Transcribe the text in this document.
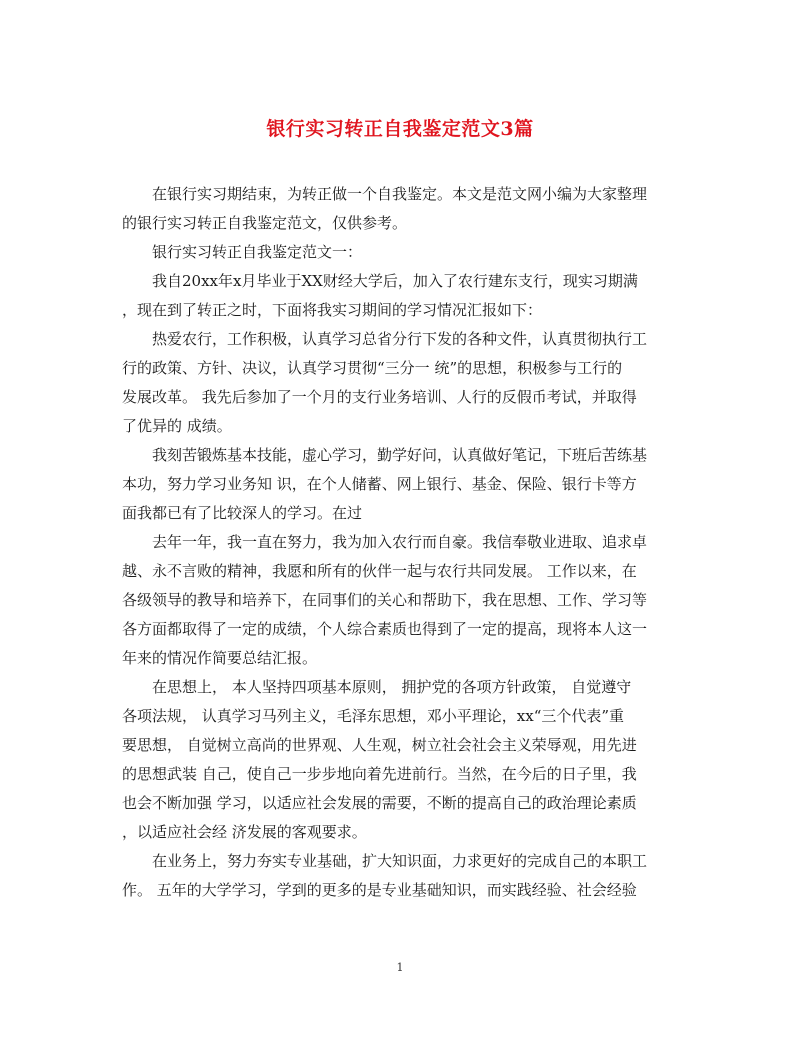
银行实习转正自我鉴定范文3篇
在银行实习期结束，为转正做一个自我鉴定。本文是范文网小编为大家整理
的银行实习转正自我鉴定范文，仅供参考。
银行实习转正自我鉴定范文一：
我自20xx年x月毕业于XX财经大学后，加入了农行建东支行，现实习期满
，现在到了转正之时，下面将我实习期间的学习情况汇报如下：
热爱农行，工作积极，认真学习总省分行下发的各种文件，认真贯彻执行工
行的政策、方针、决议，认真学习贯彻“三分一 统”的思想，积极参与工行的
发展改革。 我先后参加了一个月的支行业务培训、人行的反假币考试，并取得
了优异的 成绩。
我刻苦锻炼基本技能，虚心学习，勤学好问，认真做好笔记，下班后苦练基
本功，努力学习业务知 识，在个人储蓄、网上银行、基金、保险、银行卡等方
面我都已有了比较深人的学习。在过
去年一年，我一直在努力，我为加入农行而自豪。我信奉敬业进取、追求卓
越、永不言败的精神，我愿和所有的伙伴一起与农行共同发展。 工作以来，在
各级领导的教导和培养下，在同事们的关心和帮助下，我在思想、工作、学习等
各方面都取得了一定的成绩，个人综合素质也得到了一定的提高，现将本人这一
年来的情况作简要总结汇报。
在思想上， 本人坚持四项基本原则， 拥护党的各项方针政策， 自觉遵守
各项法规， 认真学习马列主义，毛泽东思想，邓小平理论，xx“三个代表”重
要思想， 自觉树立高尚的世界观、人生观，树立社会社会主义荣辱观，用先进
的思想武装 自己，使自己一步步地向着先进前行。当然，在今后的日子里，我
也会不断加强 学习，以适应社会发展的需要，不断的提高自己的政治理论素质
，以适应社会经 济发展的客观要求。
在业务上，努力夯实专业基础，扩大知识面，力求更好的完成自己的本职工
作。 五年的大学学习，学到的更多的是专业基础知识，而实践经验、社会经验
1
